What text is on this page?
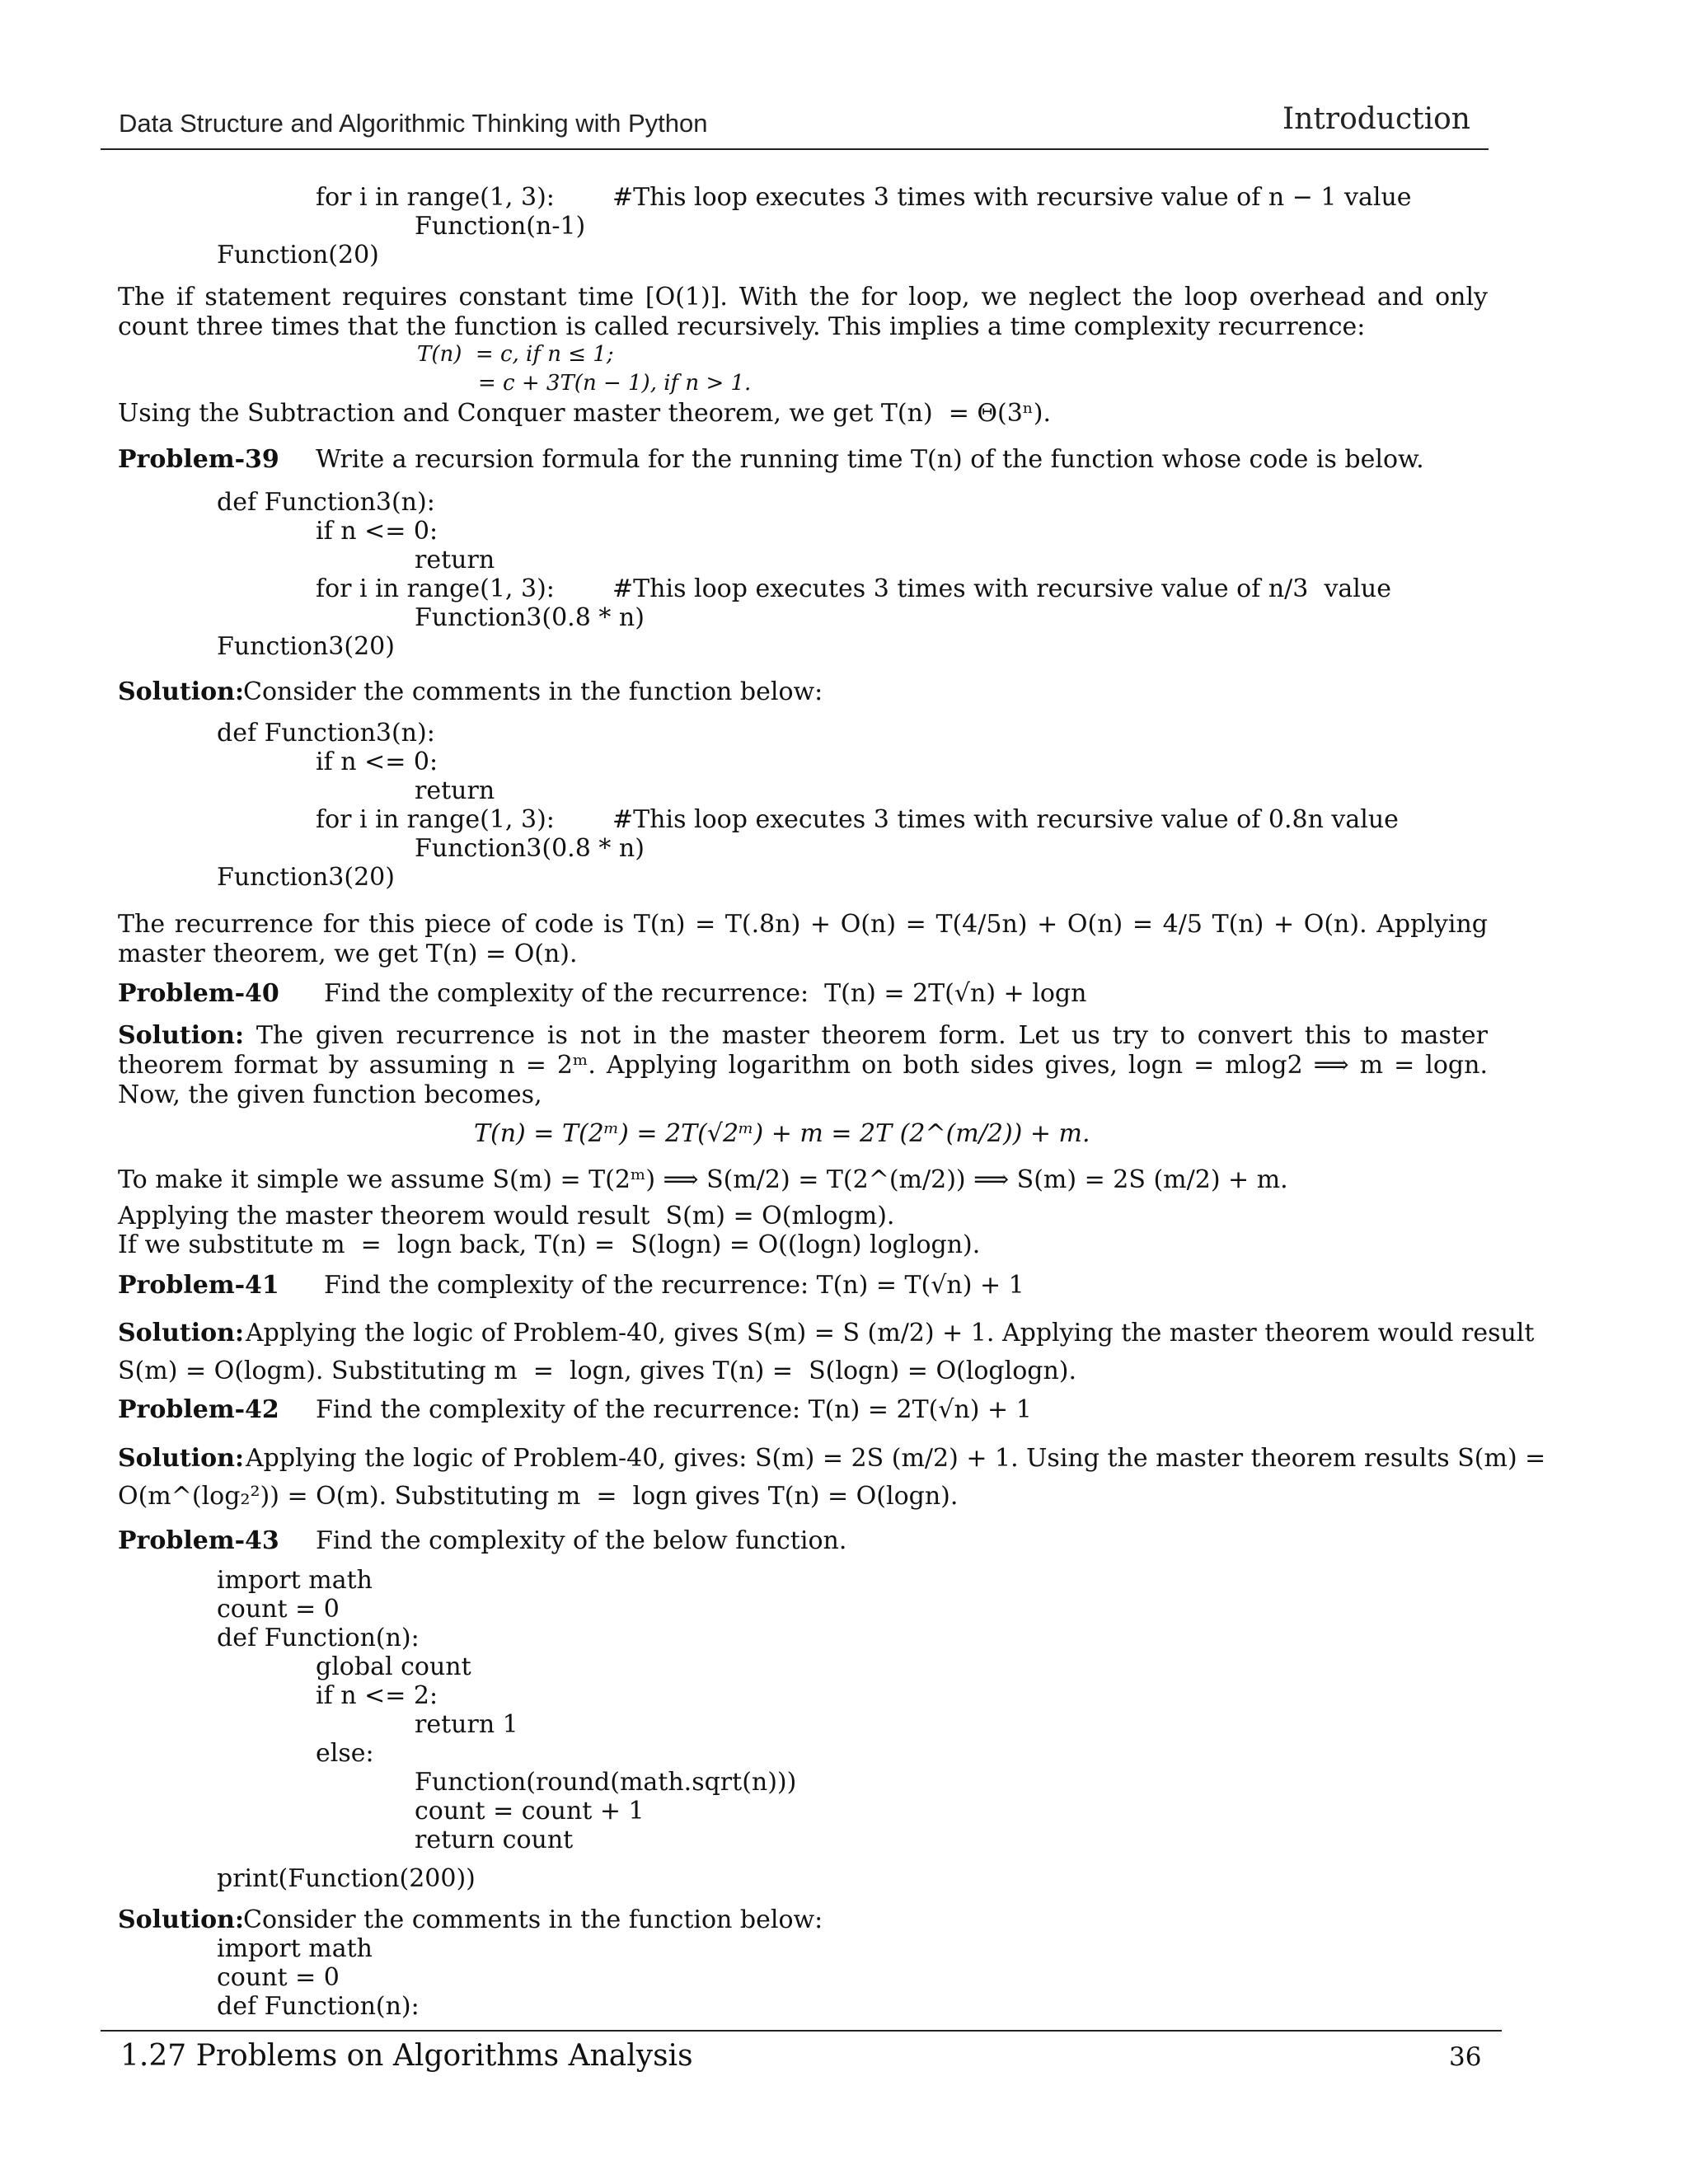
Data Structure and Algorithmic Thinking with Python	Introduction
for i in range(1, 3): #This loop executes 3 times with recursive value of n − 1 value
Function(n-1)
Function(20)
The if statement requires constant time [O(1)]. With the for loop, we neglect the loop overhead and only count three times that the function is called recursively. This implies a time complexity recurrence:
T(n)  = c, if n ≤ 1;
= c + 3T(n − 1), if n > 1.
Using the Subtraction and Conquer master theorem, we get T(n)  = Θ(3ⁿ).
Problem-39 Write a recursion formula for the running time T(n) of the function whose code is below.
def Function3(n):
if n <= 0:
return
for i in range(1, 3): #This loop executes 3 times with recursive value of n/3  value
Function3(0.8 * n)
Function3(20)
Solution:
Consider the comments in the function below:
def Function3(n):
if n <= 0:
return
for i in range(1, 3): #This loop executes 3 times with recursive value of 0.8n value
Function3(0.8 * n)
Function3(20)
The recurrence for this piece of code is T(n) = T(.8n) + O(n) = T(4/5n) + O(n) = 4/5 T(n) + O(n). Applying master theorem, we get T(n) = O(n).
Problem-40 Find the complexity of the recurrence:  T(n) = 2T(√n) + logn
Solution: The given recurrence is not in the master theorem form. Let us try to convert this to master theorem format by assuming n = 2ᵐ. Applying logarithm on both sides gives, logn = mlog2 ⟹ m = logn. Now, the given function becomes,
T(n) = T(2ᵐ) = 2T(√2ᵐ) + m = 2T (2^(m/2)) + m.
To make it simple we assume S(m) = T(2ᵐ) ⟹ S(m/2) = T(2^(m/2)) ⟹ S(m) = 2S (m/2) + m.
Applying the master theorem would result  S(m) = O(mlogm).
If we substitute m  =  logn back, T(n) =  S(logn) = O((logn) loglogn).
Problem-41 Find the complexity of the recurrence: T(n) = T(√n) + 1
Solution: Applying the logic of Problem-40, gives S(m) = S (m/2) + 1. Applying the master theorem would result
S(m) = O(logm). Substituting m  =  logn, gives T(n) =  S(logn) = O(loglogn).
Problem-42 Find the complexity of the recurrence: T(n) = 2T(√n) + 1
Solution: Applying the logic of Problem-40, gives: S(m) = 2S (m/2) + 1. Using the master theorem results S(m) =
O(m^(log₂²)) = O(m). Substituting m  =  logn gives T(n) = O(logn).
Problem-43 Find the complexity of the below function.
import math
count = 0
def Function(n):
global count
if n <= 2:
return 1
else:
Function(round(math.sqrt(n)))
count = count + 1
return count
print(Function(200))
Solution:
Consider the comments in the function below:
import math
count = 0
def Function(n):
1.27 Problems on Algorithms Analysis	36
